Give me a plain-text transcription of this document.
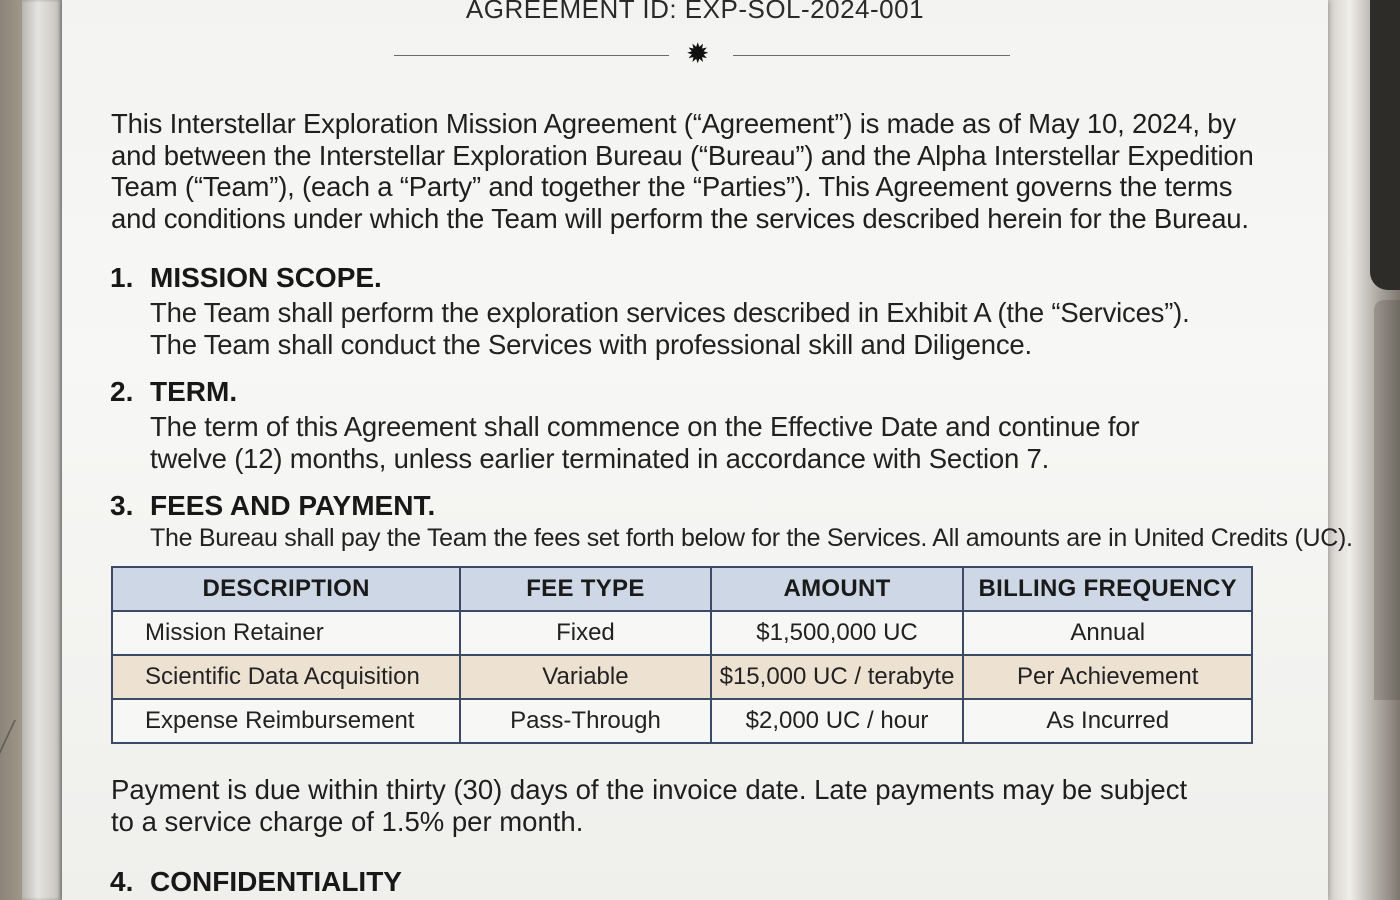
AGREEMENT ID: EXP-SOL-2024-001
✹
This Interstellar Exploration Mission Agreement (“Agreement”) is made as of May 10, 2024, by
and between the Interstellar Exploration Bureau (“Bureau”) and the Alpha Interstellar Expedition
Team (“Team”), (each a “Party” and together the “Parties”). This Agreement governs the terms
and conditions under which the Team will perform the services described herein for the Bureau.
1. MISSION SCOPE.
The Team shall perform the exploration services described in Exhibit A (the “Services”).
The Team shall conduct the Services with professional skill and Diligence.
2. TERM.
The term of this Agreement shall commence on the Effective Date and continue for
twelve (12) months, unless earlier terminated in accordance with Section 7.
3. FEES AND PAYMENT.
The Bureau shall pay the Team the fees set forth below for the Services. All amounts are in United Credits (UC).
DESCRIPTION	FEE TYPE	AMOUNT	BILLING FREQUENCY
Mission Retainer	Fixed	$1,500,000 UC	Annual
Scientific Data Acquisition	Variable	$15,000 UC / terabyte	Per Achievement
Expense Reimbursement	Pass-Through	$2,000 UC / hour	As Incurred
Payment is due within thirty (30) days of the invoice date. Late payments may be subject
to a service charge of 1.5% per month.
4. CONFIDENTIALITY
